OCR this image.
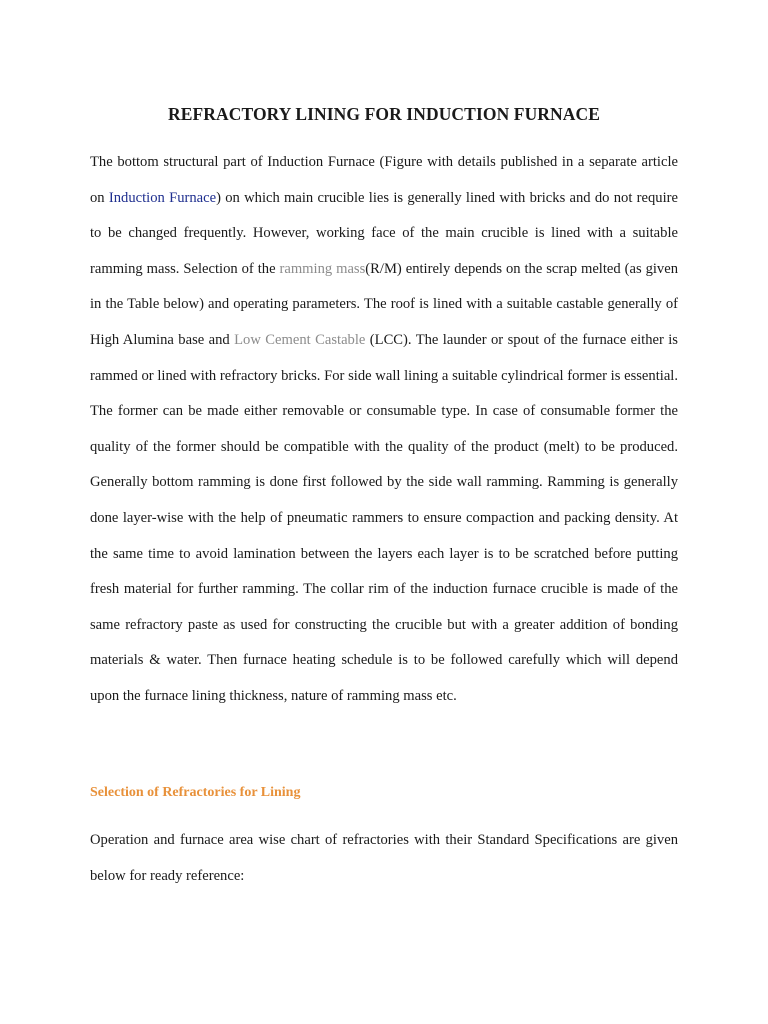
REFRACTORY LINING FOR INDUCTION FURNACE

The bottom structural part of Induction Furnace (Figure with details published in a separate article on Induction Furnace) on which main crucible lies is generally lined with bricks and do not require to be changed frequently. However, working face of the main crucible is lined with a suitable ramming mass. Selection of the ramming mass(R/M) entirely depends on the scrap melted (as given in the Table below) and operating parameters. The roof is lined with a suitable castable generally of High Alumina base and Low Cement Castable (LCC). The launder or spout of the furnace either is rammed or lined with refractory bricks. For side wall lining a suitable cylindrical former is essential. The former can be made either removable or consumable type. In case of consumable former the quality of the former should be compatible with the quality of the product (melt) to be produced. Generally bottom ramming is done first followed by the side wall ramming. Ramming is generally done layer-wise with the help of pneumatic rammers to ensure compaction and packing density. At the same time to avoid lamination between the layers each layer is to be scratched before putting fresh material for further ramming. The collar rim of the induction furnace crucible is made of the same refractory paste as used for constructing the crucible but with a greater addition of bonding materials & water. Then furnace heating schedule is to be followed carefully which will depend upon the furnace lining thickness, nature of ramming mass etc.

Selection of Refractories for Lining

Operation and furnace area wise chart of refractories with their Standard Specifications are given below for ready reference:
